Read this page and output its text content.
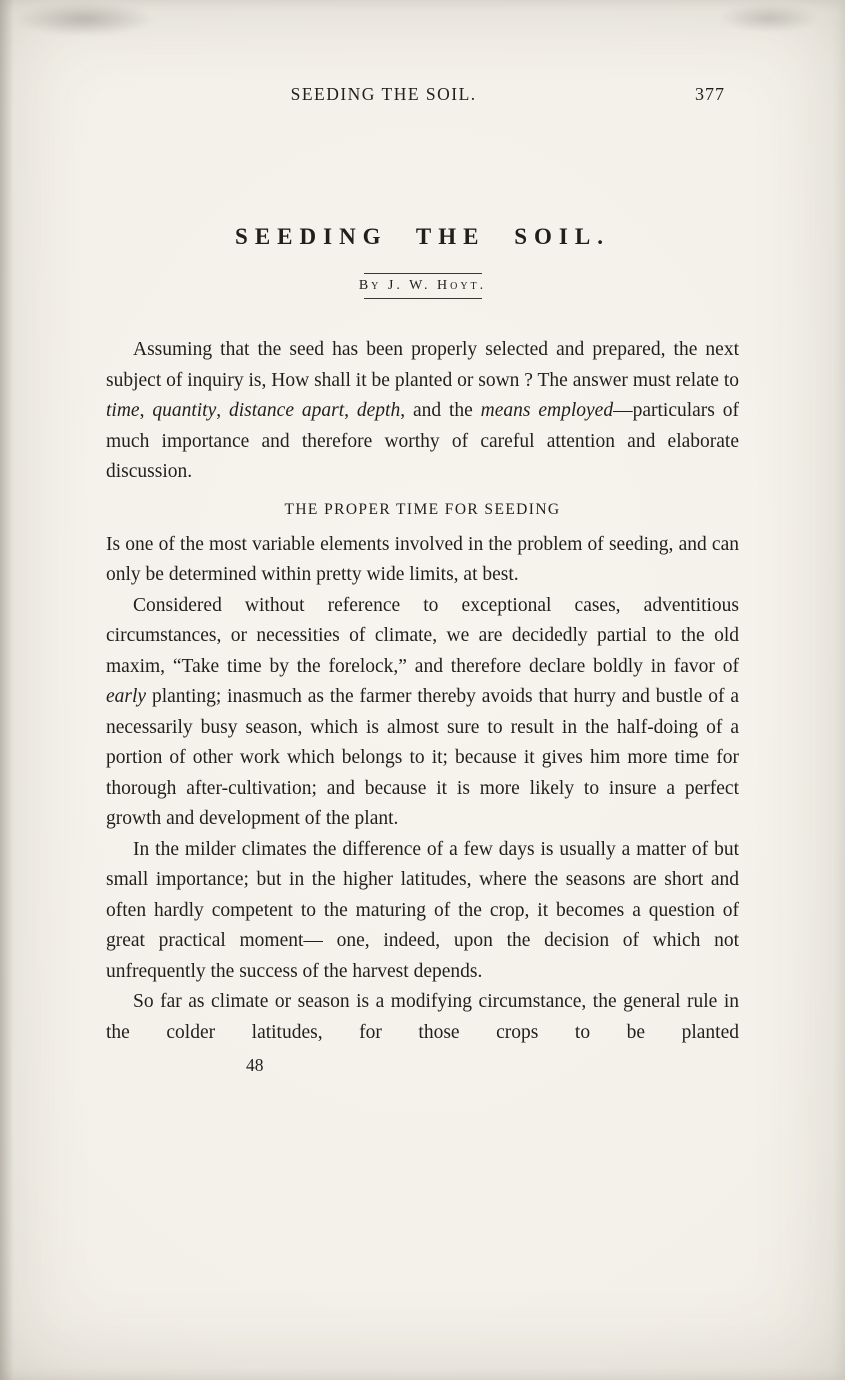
SEEDING THE SOIL.	377
SEEDING THE SOIL.
By J. W. Hoyt.

Assuming that the seed has been properly selected and prepared, the next subject of inquiry is, How shall it be planted or sown ? The answer must relate to time, quantity, distance apart, depth, and the means employed—particulars of much importance and therefore worthy of careful attention and elaborate discussion.

THE PROPER TIME FOR SEEDING

Is one of the most variable elements involved in the problem of seeding, and can only be determined within pretty wide limits, at best.

Considered without reference to exceptional cases, adventitious circumstances, or necessities of climate, we are decidedly partial to the old maxim, “Take time by the forelock,” and therefore declare boldly in favor of early planting; inasmuch as the farmer thereby avoids that hurry and bustle of a necessarily busy season, which is almost sure to result in the half-doing of a portion of other work which belongs to it; because it gives him more time for thorough after-cultivation; and because it is more likely to insure a perfect growth and development of the plant.

In the milder climates the difference of a few days is usually a matter of but small importance; but in the higher latitudes, where the seasons are short and often hardly competent to the maturing of the crop, it becomes a question of great practical moment— one, indeed, upon the decision of which not unfrequently the success of the harvest depends.

So far as climate or season is a modifying circumstance, the general rule in the colder latitudes, for those crops to be planted

48
